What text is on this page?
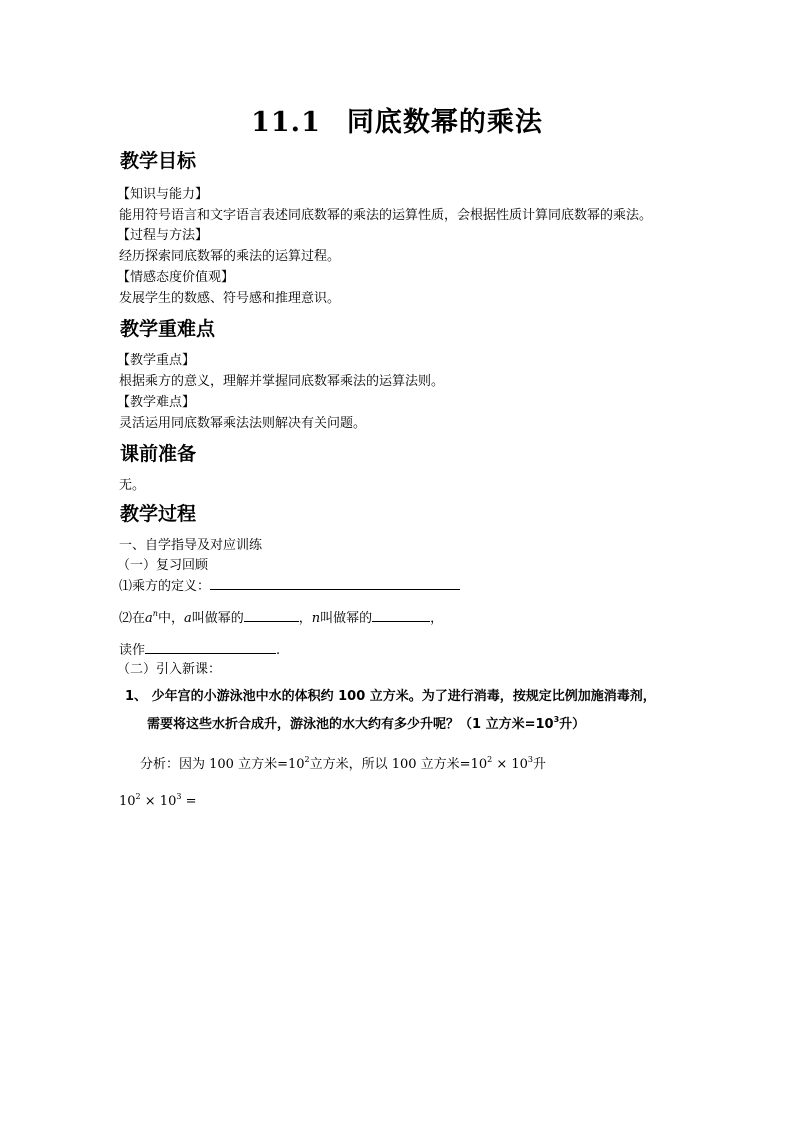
11.1 同底数幂的乘法
教学目标
【知识与能力】
能用符号语言和文字语言表述同底数幂的乘法的运算性质，会根据性质计算同底数幂的乘法。
【过程与方法】
经历探索同底数幂的乘法的运算过程。
【情感态度价值观】
发展学生的数感、符号感和推理意识。
教学重难点
【教学重点】
根据乘方的意义，理解并掌握同底数幂乘法的运算法则。
【教学难点】
灵活运用同底数幂乘法法则解决有关问题。
课前准备
无。
教学过程
一、自学指导及对应训练
（一）复习回顾
⑴乘方的定义：
⑵在$a^n$中，a叫做幂的	，n叫做幂的	，
读作	.
（二）引入新课：
1、 少年宫的小游泳池中水的体积约 100 立方米。为了进行消毒，按规定比例加施消毒剂，
需要将这些水折合成升，游泳池的水大约有多少升呢？（1 立方米$=10^3$升）
分析：因为 100 立方米$=10^2$立方米，所以 100 立方米$=10^2 \times 10^3$升
$10^2 \times 10^3$ =
